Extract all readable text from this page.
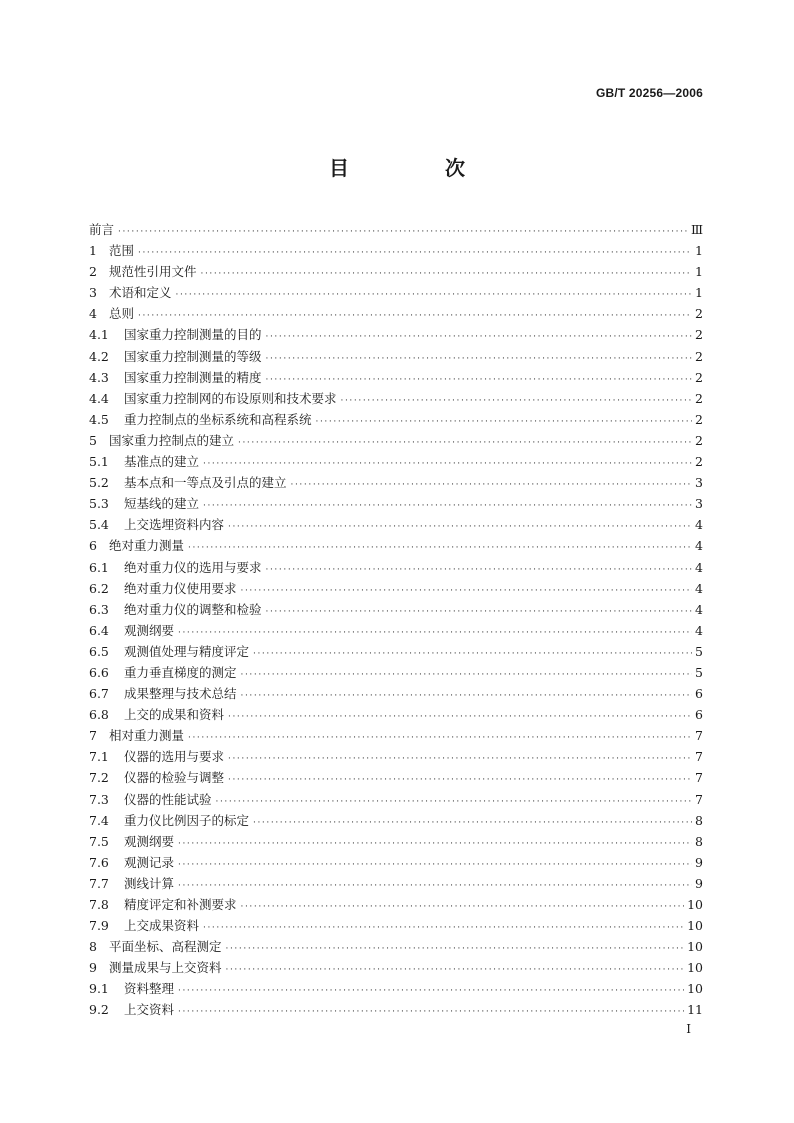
GB/T 20256—2006
目　次
前言 ·····	Ⅲ
1 范围 ·····	1
2 规范性引用文件 ·····	1
3 术语和定义 ·····	1
4 总则 ·····	2
4.1	国家重力控制测量的目的 ·····	2
4.2	国家重力控制测量的等级 ·····	2
4.3	国家重力控制测量的精度 ·····	2
4.4	国家重力控制网的布设原则和技术要求 ·····	2
4.5	重力控制点的坐标系统和高程系统 ·····	2
5 国家重力控制点的建立 ·····	2
5.1	基准点的建立 ·····	2
5.2	基本点和一等点及引点的建立 ·····	3
5.3	短基线的建立 ·····	3
5.4	上交选埋资料内容 ·····	4
6 绝对重力测量 ·····	4
6.1	绝对重力仪的选用与要求 ·····	4
6.2	绝对重力仪使用要求 ·····	4
6.3	绝对重力仪的调整和检验 ·····	4
6.4	观测纲要 ·····	4
6.5	观测值处理与精度评定 ·····	5
6.6	重力垂直梯度的测定 ·····	5
6.7	成果整理与技术总结 ·····	6
6.8	上交的成果和资料 ·····	6
7 相对重力测量 ·····	7
7.1	仪器的选用与要求 ·····	7
7.2	仪器的检验与调整 ·····	7
7.3	仪器的性能试验 ·····	7
7.4	重力仪比例因子的标定 ·····	8
7.5	观测纲要 ·····	8
7.6	观测记录 ·····	9
7.7	测线计算 ·····	9
7.8	精度评定和补测要求 ·····	10
7.9	上交成果资料 ·····	10
8 平面坐标、高程测定 ·····	10
9 测量成果与上交资料 ·····	10
9.1	资料整理 ·····	10
9.2	上交资料 ·····	11
Ⅰ
